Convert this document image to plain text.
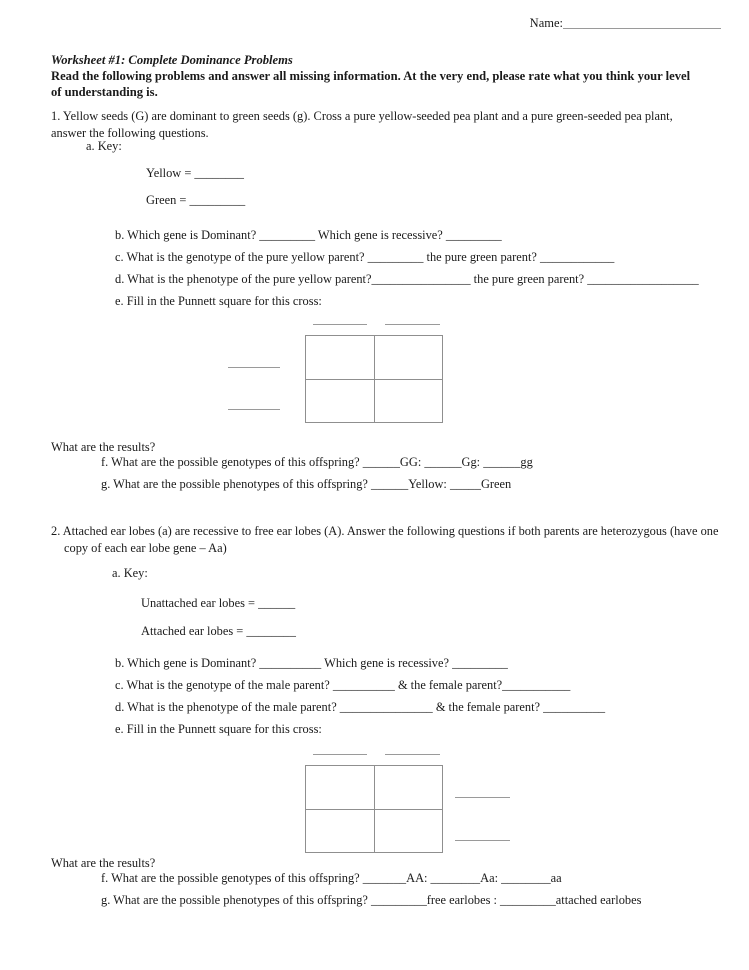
Name:
Worksheet #1: Complete Dominance Problems
Read the following problems and answer all missing information. At the very end, please rate what you think your level of understanding is.
1. Yellow seeds (G) are dominant to green seeds (g). Cross a pure yellow-seeded pea plant and a pure green-seeded pea plant, answer the following questions.
a. Key:
Yellow = ________
Green = _________
b. Which gene is Dominant? _________ Which gene is recessive? _________
c. What is the genotype of the pure yellow parent? _________ the pure green parent? ____________
d. What is the phenotype of the pure yellow parent?________________ the pure green parent? __________________
e. Fill in the Punnett square for this cross:
What are the results?
f. What are the possible genotypes of this offspring? ______GG: ______Gg: ______gg
g. What are the possible phenotypes of this offspring? ______Yellow: _____Green
2. Attached ear lobes (a) are recessive to free ear lobes (A). Answer the following questions if both parents are heterozygous (have one copy of each ear lobe gene – Aa)
a. Key:
Unattached ear lobes = ______
Attached ear lobes = ________
b. Which gene is Dominant? __________ Which gene is recessive? _________
c. What is the genotype of the male parent? __________ & the female parent?___________
d. What is the phenotype of the male parent? _______________ & the female parent? __________
e. Fill in the Punnett square for this cross:
What are the results?
f. What are the possible genotypes of this offspring? _______AA: ________Aa: ________aa
g. What are the possible phenotypes of this offspring? _________free earlobes : _________attached earlobes
